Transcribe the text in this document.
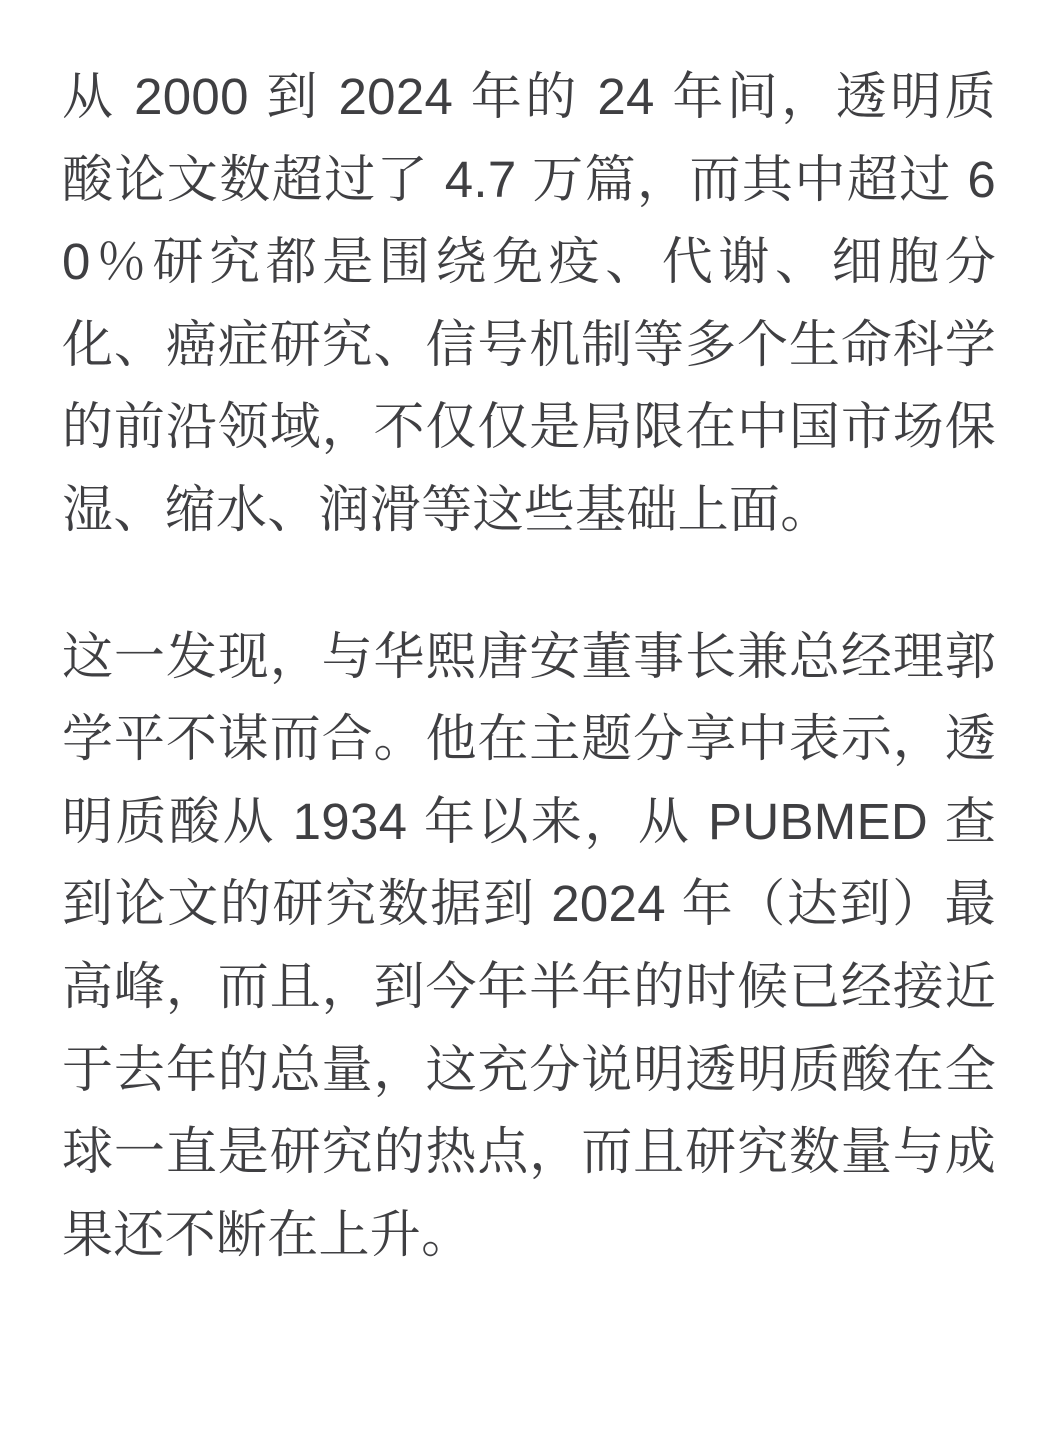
从 2000 到 2024 年的 24 年间，透明质酸论文数超过了 4.7 万篇，而其中超过 60％研究都是围绕免疫、代谢、细胞分化、癌症研究、信号机制等多个生命科学的前沿领域，不仅仅是局限在中国市场保湿、缩水、润滑等这些基础上面。

这一发现，与华熙唐安董事长兼总经理郭学平不谋而合。他在主题分享中表示，透明质酸从 1934 年以来，从 PUBMED 查到论文的研究数据到 2024 年（达到）最高峰，而且，到今年半年的时候已经接近于去年的总量，这充分说明透明质酸在全球一直是研究的热点，而且研究数量与成果还不断在上升。
